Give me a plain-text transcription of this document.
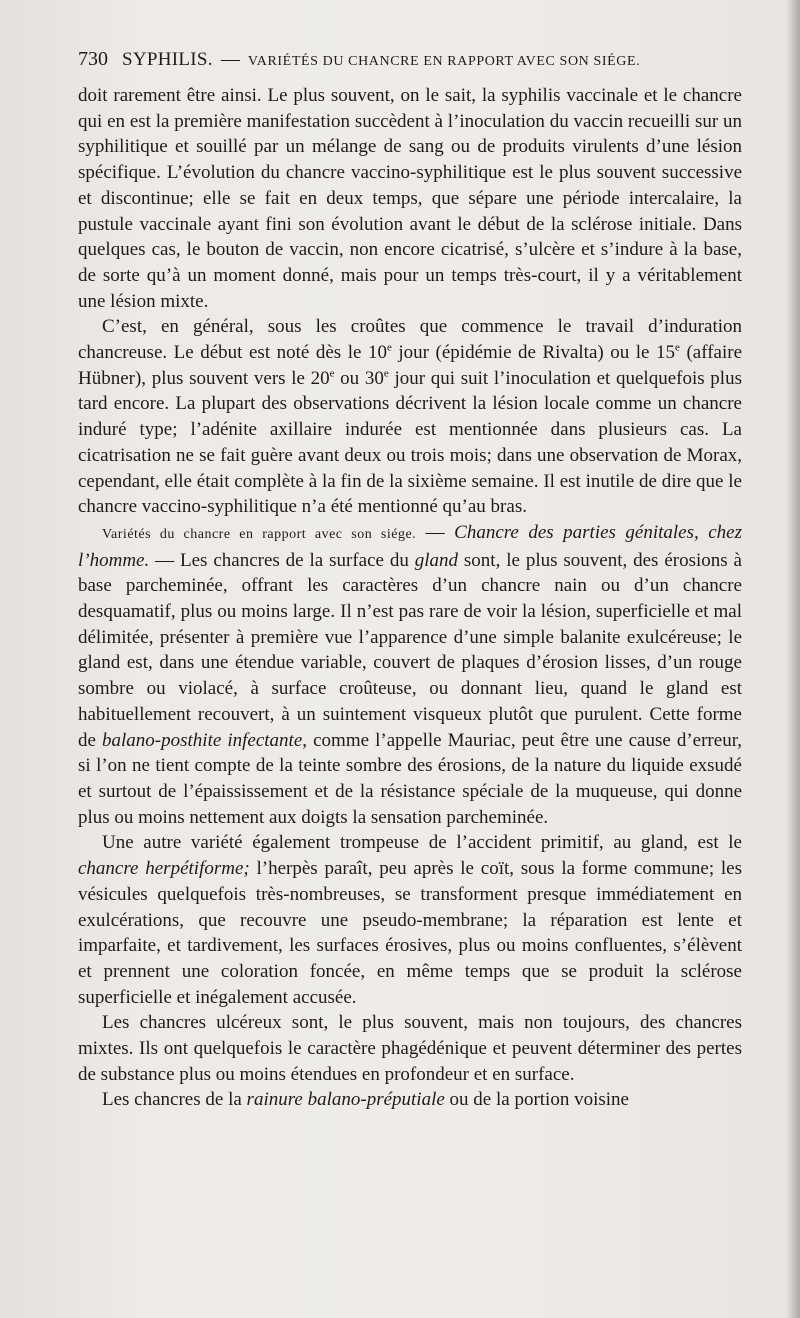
730 SYPHILIS. — VARIÉTÉS DU CHANCRE EN RAPPORT AVEC SON SIÉGE.

doit rarement être ainsi. Le plus souvent, on le sait, la syphilis vaccinale et le chancre qui en est la première manifestation succèdent à l’inoculation du vaccin recueilli sur un syphilitique et souillé par un mélange de sang ou de produits virulents d’une lésion spécifique. L’évolution du chancre vaccino-syphilitique est le plus souvent successive et discontinue; elle se fait en deux temps, que sépare une période intercalaire, la pustule vaccinale ayant fini son évolution avant le début de la sclérose initiale. Dans quelques cas, le bouton de vaccin, non encore cicatrisé, s’ulcère et s’indure à la base, de sorte qu’à un moment donné, mais pour un temps très-court, il y a véritablement une lésion mixte.

C’est, en général, sous les croûtes que commence le travail d’induration chancreuse. Le début est noté dès le 10e jour (épidémie de Rivalta) ou le 15e (affaire Hübner), plus souvent vers le 20e ou 30e jour qui suit l’inoculation et quelquefois plus tard encore. La plupart des observations décrivent la lésion locale comme un chancre induré type; l’adénite axillaire indurée est mentionnée dans plusieurs cas. La cicatrisation ne se fait guère avant deux ou trois mois; dans une observation de Morax, cependant, elle était complète à la fin de la sixième semaine. Il est inutile de dire que le chancre vaccino-syphilitique n’a été mentionné qu’au bras.

Variétés du chancre en rapport avec son siége. — Chancre des parties génitales, chez l’homme. — Les chancres de la surface du gland sont, le plus souvent, des érosions à base parcheminée, offrant les caractères d’un chancre nain ou d’un chancre desquamatif, plus ou moins large. Il n’est pas rare de voir la lésion, superficielle et mal délimitée, présenter à première vue l’apparence d’une simple balanite exulcéreuse; le gland est, dans une étendue variable, couvert de plaques d’érosion lisses, d’un rouge sombre ou violacé, à surface croûteuse, ou donnant lieu, quand le gland est habituellement recouvert, à un suintement visqueux plutôt que purulent. Cette forme de balano-posthite infectante, comme l’appelle Mauriac, peut être une cause d’erreur, si l’on ne tient compte de la teinte sombre des érosions, de la nature du liquide exsudé et surtout de l’épaississement et de la résistance spéciale de la muqueuse, qui donne plus ou moins nettement aux doigts la sensation parcheminée.

Une autre variété également trompeuse de l’accident primitif, au gland, est le chancre herpétiforme; l’herpès paraît, peu après le coït, sous la forme commune; les vésicules quelquefois très-nombreuses, se transforment presque immédiatement en exulcérations, que recouvre une pseudo-membrane; la réparation est lente et imparfaite, et tardivement, les surfaces érosives, plus ou moins confluentes, s’élèvent et prennent une coloration foncée, en même temps que se produit la sclérose superficielle et inégalement accusée.

Les chancres ulcéreux sont, le plus souvent, mais non toujours, des chancres mixtes. Ils ont quelquefois le caractère phagédénique et peuvent déterminer des pertes de substance plus ou moins étendues en profondeur et en surface.

Les chancres de la rainure balano-préputiale ou de la portion voisine
